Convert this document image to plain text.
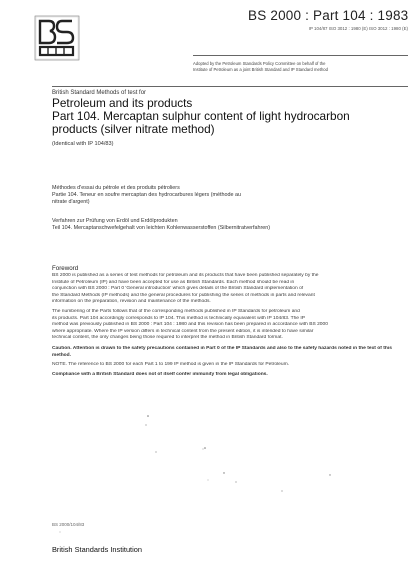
BS 2000 : Part 104 : 1983
IP 104/87 ISO 3012 : 1980 (E) ISO 3012 : 1980 (E)
Adopted by the Petroleum Standards Policy Committee on behalf of the
Institute of Petroleum as a joint British Standard and IP Standard method
British Standard Methods of test for
Petroleum and its products
Part 104. Mercaptan sulphur content of light hydrocarbon
products (silver nitrate method)
(Identical with IP 104/83)
Méthodes d'essai du pétrole et des produits pétroliers
Partie 104. Teneur en soufre mercaptan des hydrocarbures légers (méthode au
nitrate d'argent)
Verfahren zur Prüfung von Erdöl und Erdölprodukten
Teil 104. Mercaptanschwefelgehalt von leichten Kohlenwasserstoffen (Silbernitratverfahren)
Foreword
BS 2000 is published as a series of test methods for petroleum and its products that have been published separately by the
Institute of Petroleum (IP) and have been accepted for use as British Standards. Each method should be read in
conjunction with BS 2000 : Part 0 'General introduction' which gives details of the British Standard implementation of
the Standard Methods (IP methods) and the general procedures for publishing the series of methods in parts and relevant
information on the preparation, revision and maintenance of the methods.
The numbering of the Parts follows that of the corresponding methods published in IP Standards for petroleum and
its products. Part 104 accordingly corresponds to IP 104. This method is technically equivalent with IP 104/83. The IP
method was previously published in BS 2000 : Part 104 : 1980 and this revision has been prepared in accordance with BS 2000
where appropriate. Where the IP version differs in technical content from the present edition, it is intended to have similar
technical content, the only changes being those required to interpret the method in British Standard format.
Caution. Attention is drawn to the safety precautions contained in Part 0 of the IP Standards and also to the safety hazards noted in the text of this method.
NOTE. The reference to BS 2000 for each Part 1 to 199 IP method is given in the IP Standards for Petroleum.
Compliance with a British Standard does not of itself confer immunity from legal obligations.
BS 2000/104/83
British Standards Institution
